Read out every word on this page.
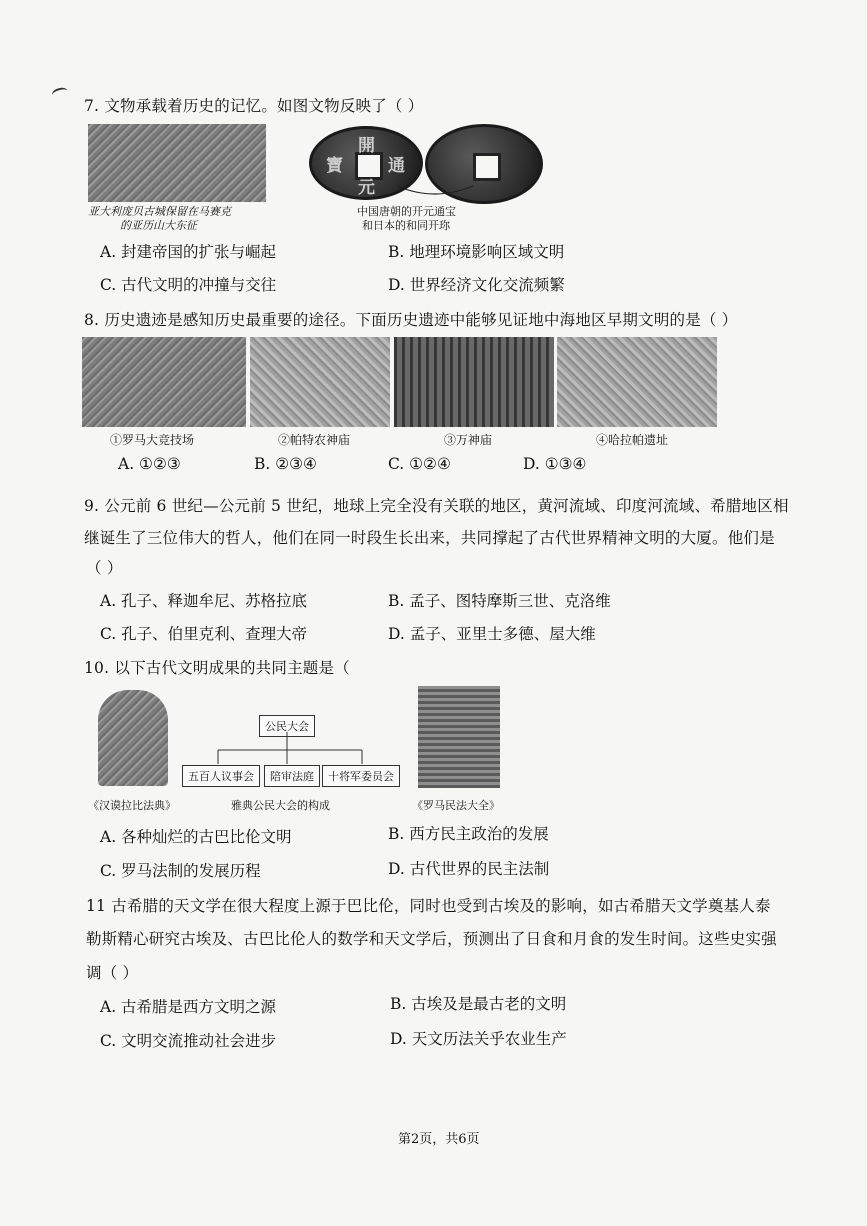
7. 文物承载着历史的记忆。如图文物反映了（ ）
亚大利庞贝古城保留在马赛克
的亚历山大东征
開
通
元
寶
中国唐朝的开元通宝
和日本的和同开珎
A. 封建帝国的扩张与崛起	B. 地理环境影响区域文明
C. 古代文明的冲撞与交往	D. 世界经济文化交流频繁
8. 历史遗迹是感知历史最重要的途径。下面历史遗迹中能够见证地中海地区早期文明的是（ ）
①罗马大竞技场	②帕特农神庙	③万神庙	④哈拉帕遗址
A. ①②③	B. ②③④	C. ①②④	D. ①③④
9. 公元前 6 世纪—公元前 5 世纪，地球上完全没有关联的地区，黄河流域、印度河流域、希腊地区相
继诞生了三位伟大的哲人，他们在同一时段生长出来，共同撑起了古代世界精神文明的大厦。他们是
（ ）
A. 孔子、释迦牟尼、苏格拉底	B. 孟子、图特摩斯三世、克洛维
C. 孔子、伯里克利、查理大帝	D. 孟子、亚里士多德、屋大维
10. 以下古代文明成果的共同主题是（
公民大会
五百人议事会	陪审法庭	十将军委员会
《汉谟拉比法典》	雅典公民大会的构成	《罗马民法大全》
A. 各种灿烂的古巴比伦文明	B. 西方民主政治的发展
C. 罗马法制的发展历程	D. 古代世界的民主法制
11 古希腊的天文学在很大程度上源于巴比伦，同时也受到古埃及的影响，如古希腊天文学奠基人泰
勒斯精心研究古埃及、古巴比伦人的数学和天文学后，预测出了日食和月食的发生时间。这些史实强
调（ ）
A. 古希腊是西方文明之源	B. 古埃及是最古老的文明
C. 文明交流推动社会进步	D. 天文历法关乎农业生产
第2页，共6页
